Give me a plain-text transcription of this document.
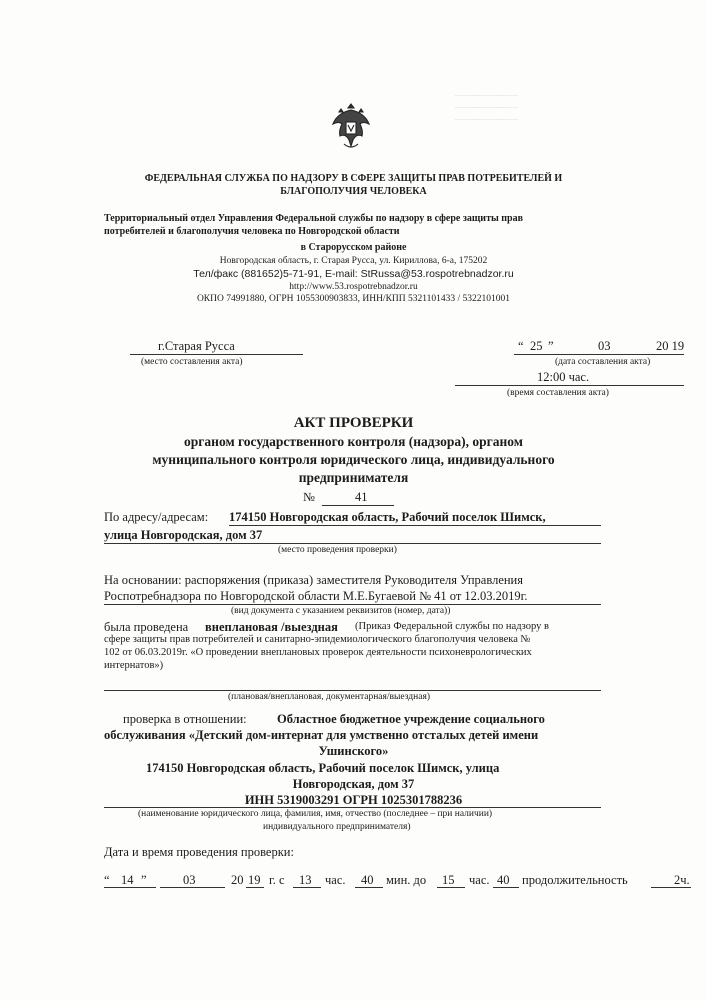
..........................................
..........................................
..........................................
ФЕДЕРАЛЬНАЯ СЛУЖБА ПО НАДЗОРУ В СФЕРЕ ЗАЩИТЫ ПРАВ ПОТРЕБИТЕЛЕЙ И
БЛАГОПОЛУЧИЯ ЧЕЛОВЕКА
Территориальный отдел Управления Федеральной службы по надзору в сфере защиты прав
потребителей и благополучия человека по Новгородской области
в Старорусском районе
Новгородская область, г. Старая Русса, ул. Кириллова, 6-а, 175202
Тел/факс (881652)5-71-91, E-mail: StRussa@53.rospotrebnadzor.ru
http://www.53.rospotrebnadzor.ru
ОКПО 74991880, ОГРН 1055300903833, ИНН/КПП 5321101433 / 5322101001
г.Старая Русса
(место составления акта)
“ 25 ”	03	20 19
(дата составления акта)
12:00 час.
(время составления акта)
АКТ ПРОВЕРКИ
органом государственного контроля (надзора), органом
муниципального контроля юридического лица, индивидуального
предпринимателя
№	41
По адресу/адресам: 174150 Новгородская область, Рабочий поселок Шимск,
улица Новгородская, дом 37
(место проведения проверки)
На основании: распоряжения (приказа) заместителя Руководителя Управления
Роспотребнадзора по Новгородской области М.Е.Бугаевой № 41 от 12.03.2019г.
(вид документа с указанием реквизитов (номер, дата))
была проведена внеплановая /выездная (Приказ Федеральной службы по надзору в
сфере защиты прав потребителей и санитарно-эпидемиологического благополучия человека №
102 от 06.03.2019г. «О проведении внеплановых проверок деятельности психоневрологических
интернатов»)
(плановая/внеплановая, документарная/выездная)
проверка в отношении: Областное бюджетное учреждение социального
обслуживания «Детский дом-интернат для умственно отсталых детей имени
Ушинского»
174150 Новгородская область, Рабочий поселок Шимск, улица
Новгородская, дом 37
ИНН 5319003291 ОГРН 1025301788236
(наименование юридического лица, фамилия, имя, отчество (последнее – при наличии)
индивидуального предпринимателя)
Дата и время проведения проверки:
“ 14 ”	03	20 19 г. с 13 час. 40 мин. до 15 час. 40 продолжительность	2ч.
